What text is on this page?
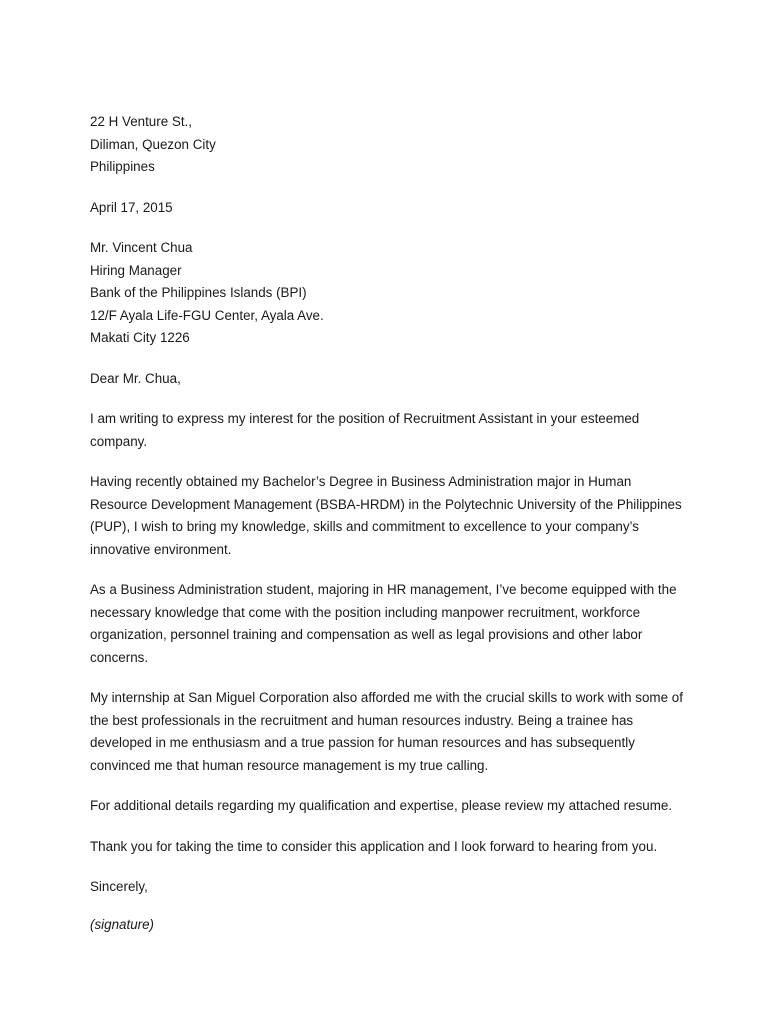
22 H Venture St.,
Diliman, Quezon City
Philippines
April 17, 2015
Mr. Vincent Chua
Hiring Manager
Bank of the Philippines Islands (BPI)
12/F Ayala Life-FGU Center, Ayala Ave.
Makati City 1226
Dear Mr. Chua,
I am writing to express my interest for the position of Recruitment Assistant in your esteemed
company.
Having recently obtained my Bachelor’s Degree in Business Administration major in Human
Resource Development Management (BSBA-HRDM) in the Polytechnic University of the Philippines
(PUP), I wish to bring my knowledge, skills and commitment to excellence to your company’s
innovative environment.
As a Business Administration student, majoring in HR management, I’ve become equipped with the
necessary knowledge that come with the position including manpower recruitment, workforce
organization, personnel training and compensation as well as legal provisions and other labor
concerns.
My internship at San Miguel Corporation also afforded me with the crucial skills to work with some of
the best professionals in the recruitment and human resources industry. Being a trainee has
developed in me enthusiasm and a true passion for human resources and has subsequently
convinced me that human resource management is my true calling.
For additional details regarding my qualification and expertise, please review my attached resume.
Thank you for taking the time to consider this application and I look forward to hearing from you.
Sincerely,
(signature)
